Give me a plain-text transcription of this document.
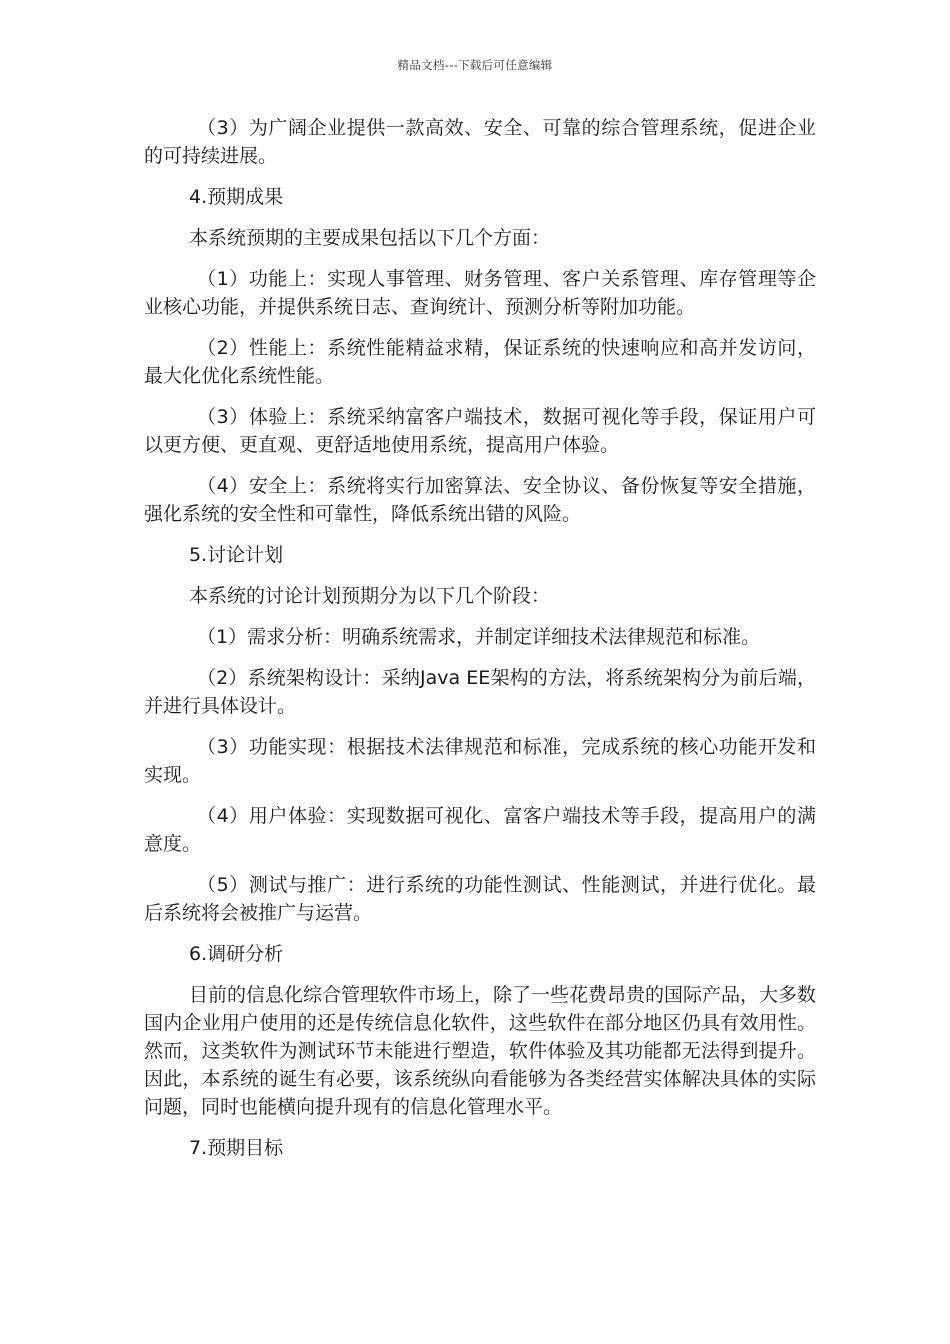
精品文档---下载后可任意编辑

（3）为广阔企业提供一款高效、安全、可靠的综合管理系统，促进企业的可持续进展。

4.预期成果

本系统预期的主要成果包括以下几个方面：

（1）功能上：实现人事管理、财务管理、客户关系管理、库存管理等企业核心功能，并提供系统日志、查询统计、预测分析等附加功能。

（2）性能上：系统性能精益求精，保证系统的快速响应和高并发访问，最大化优化系统性能。

（3）体验上：系统采纳富客户端技术，数据可视化等手段，保证用户可以更方便、更直观、更舒适地使用系统，提高用户体验。

（4）安全上：系统将实行加密算法、安全协议、备份恢复等安全措施，强化系统的安全性和可靠性，降低系统出错的风险。

5.讨论计划

本系统的讨论计划预期分为以下几个阶段：

（1）需求分析：明确系统需求，并制定详细技术法律规范和标准。

（2）系统架构设计：采纳Java EE架构的方法，将系统架构分为前后端，并进行具体设计。

（3）功能实现：根据技术法律规范和标准，完成系统的核心功能开发和实现。

（4）用户体验：实现数据可视化、富客户端技术等手段，提高用户的满意度。

（5）测试与推广：进行系统的功能性测试、性能测试，并进行优化。最后系统将会被推广与运营。

6.调研分析

目前的信息化综合管理软件市场上，除了一些花费昂贵的国际产品，大多数国内企业用户使用的还是传统信息化软件，这些软件在部分地区仍具有效用性。然而，这类软件为测试环节未能进行塑造，软件体验及其功能都无法得到提升。因此，本系统的诞生有必要，该系统纵向看能够为各类经营实体解决具体的实际问题，同时也能横向提升现有的信息化管理水平。

7.预期目标
